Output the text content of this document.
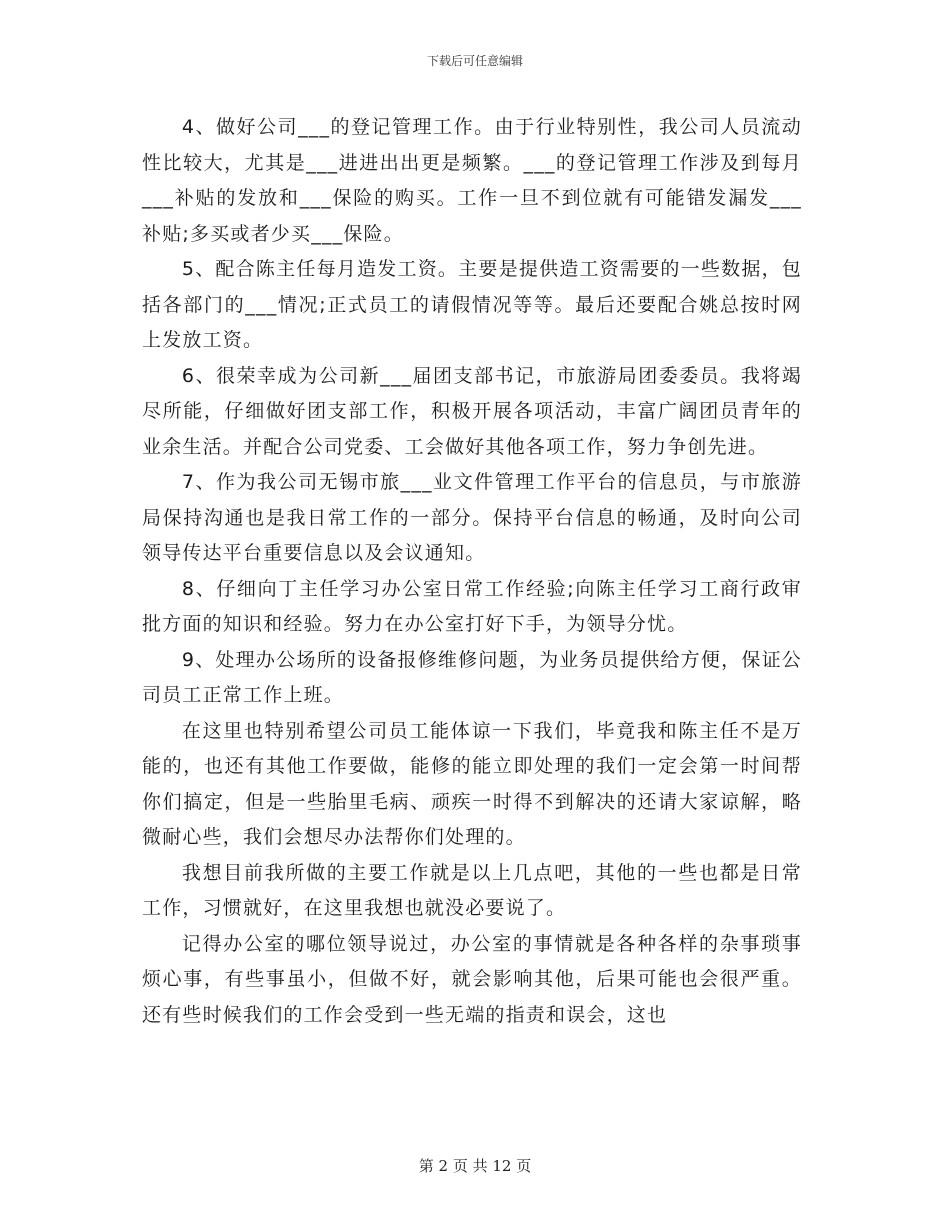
下载后可任意编辑

4、做好公司___的登记管理工作。由于行业特别性，我公司人员流动性比较大，尤其是___进进出出更是频繁。___的登记管理工作涉及到每月___补贴的发放和___保险的购买。工作一旦不到位就有可能错发漏发___补贴;多买或者少买___保险。

5、配合陈主任每月造发工资。主要是提供造工资需要的一些数据，包括各部门的___情况;正式员工的请假情况等等。最后还要配合姚总按时网上发放工资。

6、很荣幸成为公司新___届团支部书记，市旅游局团委委员。我将竭尽所能，仔细做好团支部工作，积极开展各项活动，丰富广阔团员青年的业余生活。并配合公司党委、工会做好其他各项工作，努力争创先进。

7、作为我公司无锡市旅___业文件管理工作平台的信息员，与市旅游局保持沟通也是我日常工作的一部分。保持平台信息的畅通，及时向公司领导传达平台重要信息以及会议通知。

8、仔细向丁主任学习办公室日常工作经验;向陈主任学习工商行政审批方面的知识和经验。努力在办公室打好下手，为领导分忧。

9、处理办公场所的设备报修维修问题，为业务员提供给方便，保证公司员工正常工作上班。

在这里也特别希望公司员工能体谅一下我们，毕竟我和陈主任不是万能的，也还有其他工作要做，能修的能立即处理的我们一定会第一时间帮你们搞定，但是一些胎里毛病、顽疾一时得不到解决的还请大家谅解，略微耐心些，我们会想尽办法帮你们处理的。

我想目前我所做的主要工作就是以上几点吧，其他的一些也都是日常工作，习惯就好，在这里我想也就没必要说了。

记得办公室的哪位领导说过，办公室的事情就是各种各样的杂事琐事烦心事，有些事虽小，但做不好，就会影响其他，后果可能也会很严重。还有些时候我们的工作会受到一些无端的指责和误会，这也

第 2 页 共 12 页
